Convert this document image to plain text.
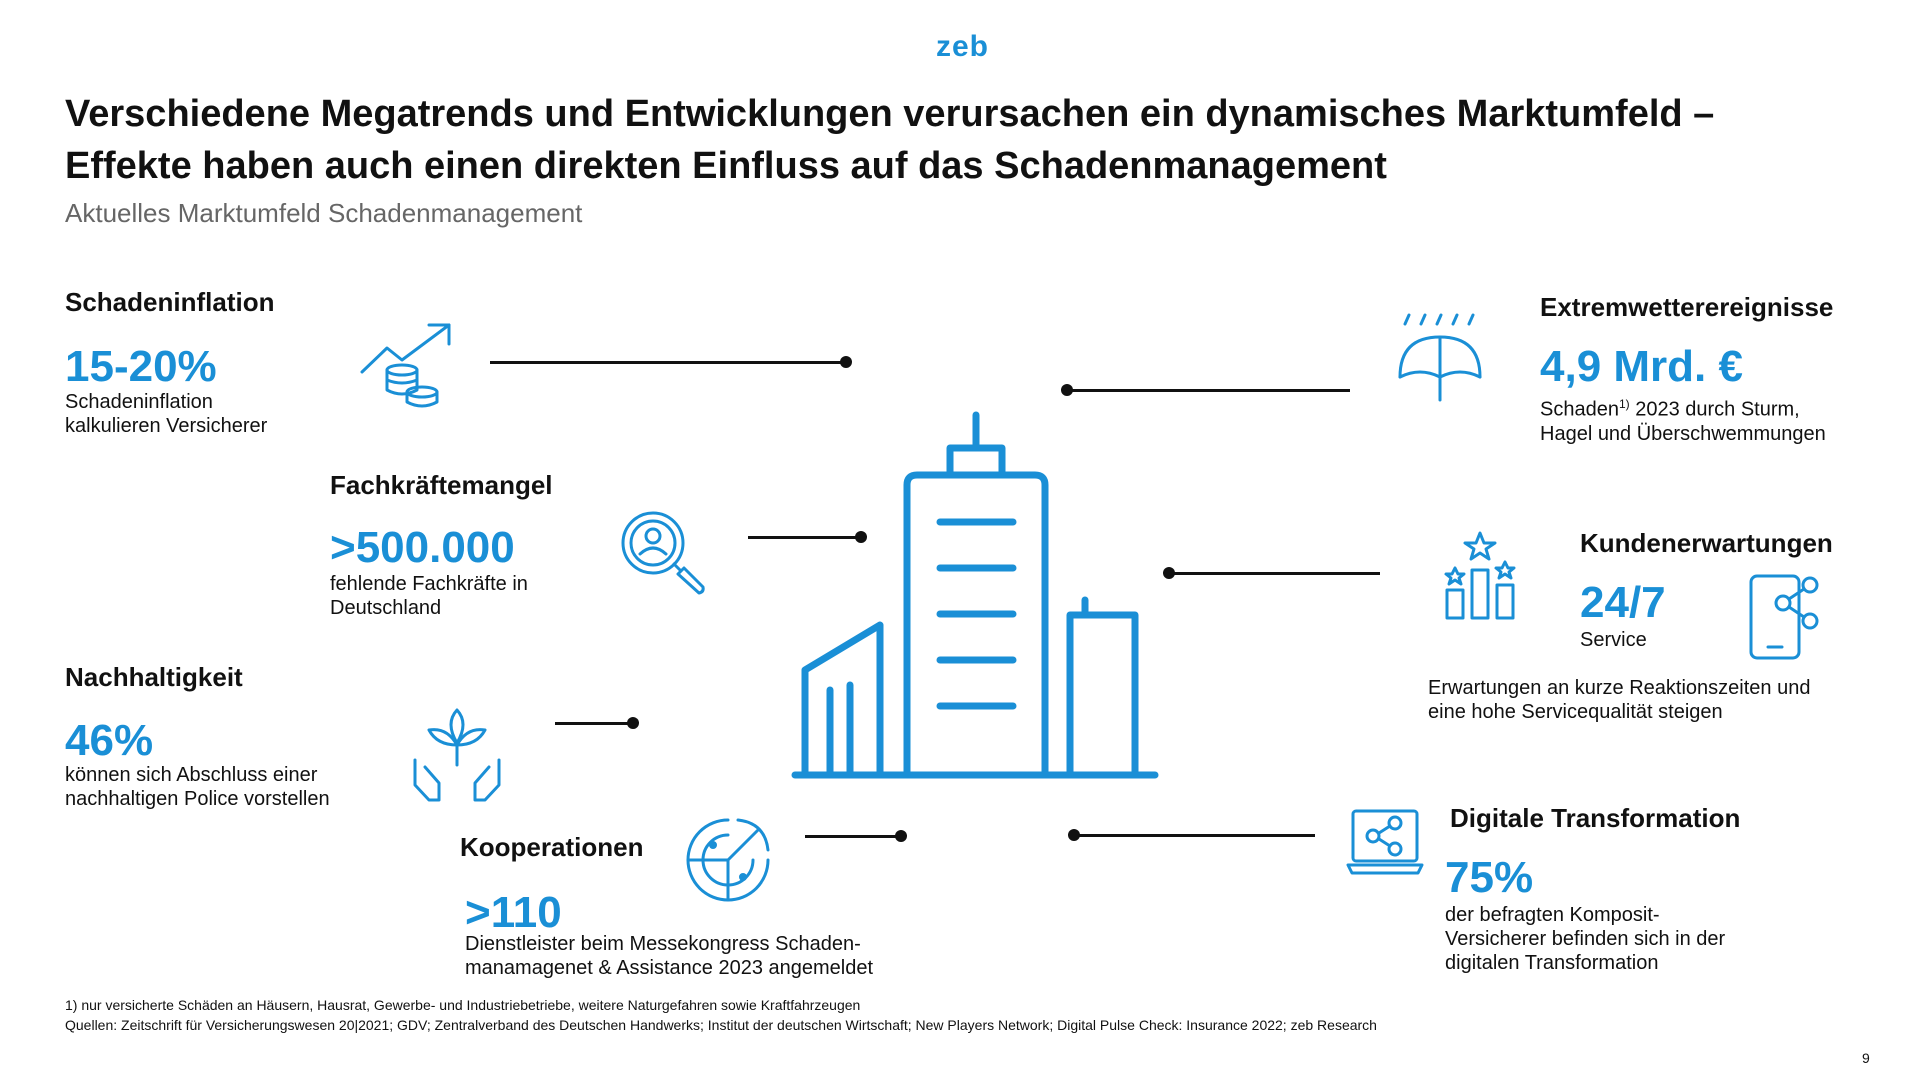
zeb
Verschiedene Megatrends und Entwicklungen verursachen ein dynamisches Marktumfeld –
Effekte haben auch einen direkten Einfluss auf das Schadenmanagement
Aktuelles Marktumfeld Schadenmanagement
Schadeninflation
15-20%
Schadeninflation
kalkulieren Versicherer
Fachkräftemangel
>500.000
fehlende Fachkräfte in
Deutschland
Nachhaltigkeit
46%
können sich Abschluss einer
nachhaltigen Police vorstellen
Kooperationen
>110
Dienstleister beim Messekongress Schaden-
manamagenet & Assistance 2023 angemeldet
Extremwetterereignisse
4,9 Mrd. €
Schaden$^{1)}$ 2023 durch Sturm,
Hagel und Überschwemmungen
Kundenerwartungen
24/7
Service
Erwartungen an kurze Reaktionszeiten und
eine hohe Servicequalität steigen
Digitale Transformation
75%
der befragten Komposit-
Versicherer befinden sich in der
digitalen Transformation
1) nur versicherte Schäden an Häusern, Hausrat, Gewerbe- und Industriebetriebe, weitere Naturgefahren sowie Kraftfahrzeugen
Quellen: Zeitschrift für Versicherungswesen 20|2021; GDV; Zentralverband des Deutschen Handwerks; Institut der deutschen Wirtschaft; New Players Network; Digital Pulse Check: Insurance 2022; zeb Research
9
